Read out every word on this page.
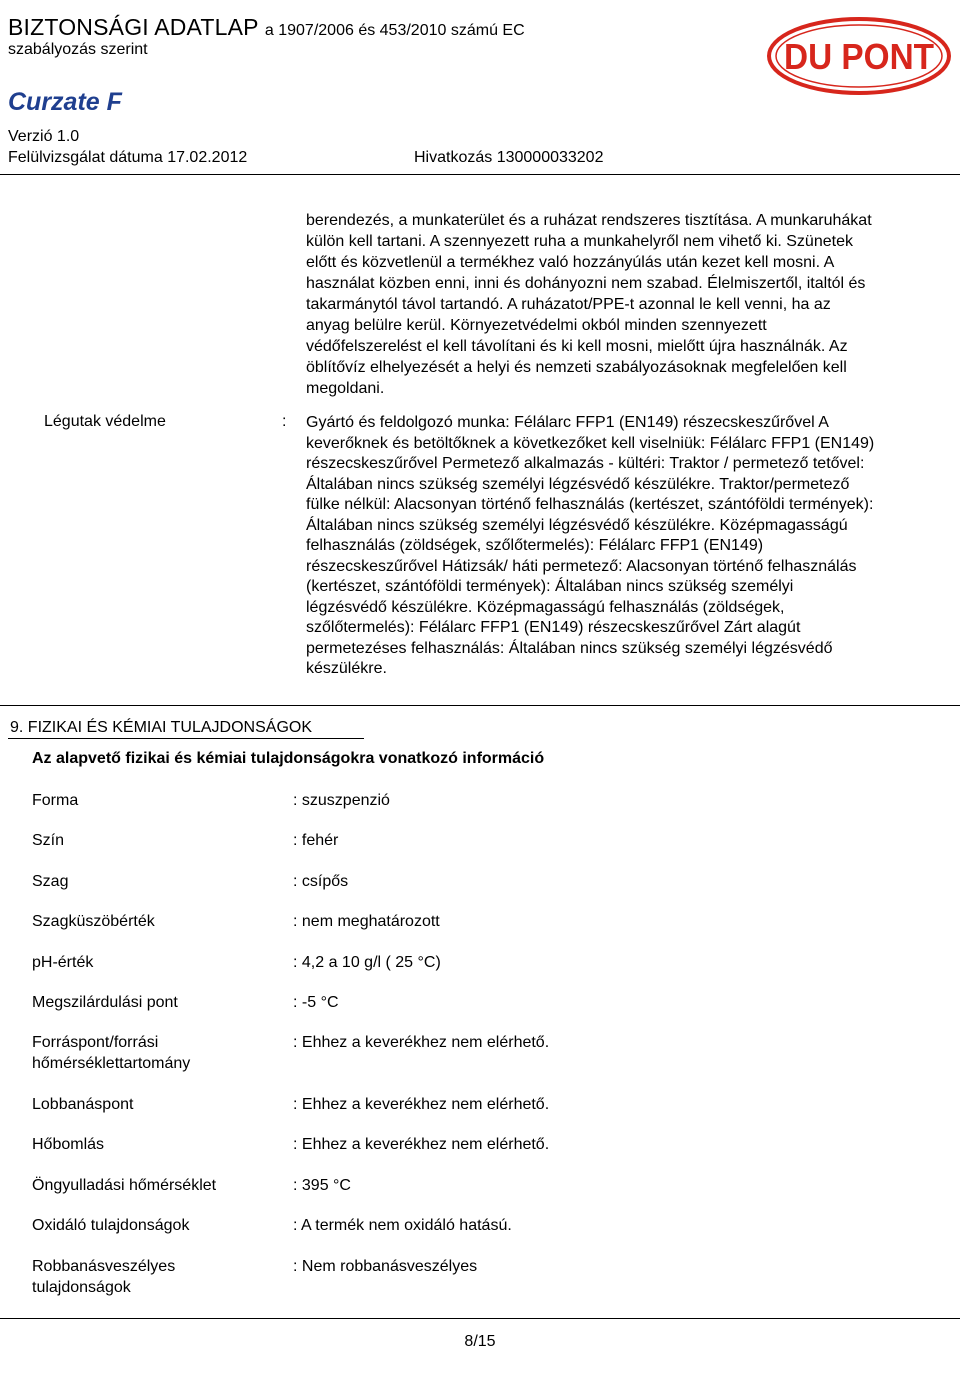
BIZTONSÁGI ADATLAP a 1907/2006 és 453/2010 számú EC
szabályozás szerint
Curzate F
Verzió 1.0
Felülvizsgálat dátuma 17.02.2012	Hivatkozás 130000033202
DU PONT
berendezés, a munkaterület és a ruházat rendszeres tisztítása. A munkaruhákat
külön kell tartani. A szennyezett ruha a munkahelyről nem vihető ki. Szünetek
előtt és közvetlenül a termékhez való hozzányúlás után kezet kell mosni. A
használat közben enni, inni és dohányozni nem szabad. Élelmiszertől, italtól és
takarmánytól távol tartandó. A ruházatot/PPE-t azonnal le kell venni, ha az
anyag belülre kerül. Környezetvédelmi okból minden szennyezett
védőfelszerelést el kell távolítani és ki kell mosni, mielőtt újra használnák. Az
öblítővíz elhelyezését a helyi és nemzeti szabályozásoknak megfelelően kell
megoldani.
Légutak védelme	: Gyártó és feldolgozó munka: Félálarc FFP1 (EN149) részecskeszűrővel A
keverőknek és betöltőknek a következőket kell viselniük: Félálarc FFP1 (EN149)
részecskeszűrővel Permetező alkalmazás - kültéri: Traktor / permetező tetővel:
Általában nincs szükség személyi légzésvédő készülékre. Traktor/permetező
fülke nélkül: Alacsonyan történő felhasználás (kertészet, szántóföldi termények):
Általában nincs szükség személyi légzésvédő készülékre. Középmagasságú
felhasználás (zöldségek, szőlőtermelés): Félálarc FFP1 (EN149)
részecskeszűrővel Hátizsák/ háti permetező: Alacsonyan történő felhasználás
(kertészet, szántóföldi termények): Általában nincs szükség személyi
légzésvédő készülékre. Középmagasságú felhasználás (zöldségek,
szőlőtermelés): Félálarc FFP1 (EN149) részecskeszűrővel Zárt alagút
permetezéses felhasználás: Általában nincs szükség személyi légzésvédő
készülékre.
9. FIZIKAI ÉS KÉMIAI TULAJDONSÁGOK
Az alapvető fizikai és kémiai tulajdonságokra vonatkozó információ
Forma	: szuszpenzió
Szín	: fehér
Szag	: csípős
Szagküszöbérték	: nem meghatározott
pH-érték	: 4,2 a 10 g/l ( 25 °C)
Megszilárdulási pont	: -5 °C
Forráspont/forrási hőmérséklettartomány
: Ehhez a keverékhez nem elérhető.
Lobbanáspont	: Ehhez a keverékhez nem elérhető.
Hőbomlás	: Ehhez a keverékhez nem elérhető.
Öngyulladási hőmérséklet	: 395 °C
Oxidáló tulajdonságok	: A termék nem oxidáló hatású.
Robbanásveszélyes tulajdonságok
: Nem robbanásveszélyes
8/15
